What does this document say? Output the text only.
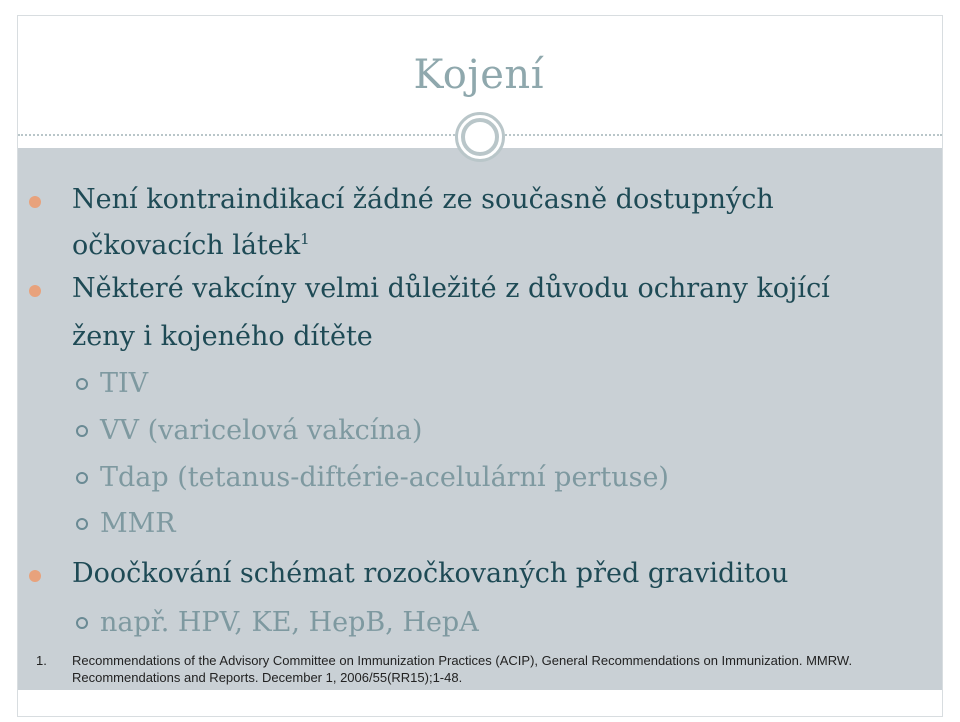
Kojení
Není kontraindikací žádné ze současně dostupných
očkovacích látek$^1$
Některé vakcíny velmi důležité z důvodu ochrany kojící
ženy i kojeného dítěte
TIV
VV (varicelová vakcína)
Tdap (tetanus-diftérie-acelulární pertuse)
MMR
Doočkování schémat rozočkovaných před graviditou
např. HPV, KE, HepB, HepA
1. Recommendations of the Advisory Committee on Immunization Practices (ACIP), General Recommendations on Immunization. MMRW. Recommendations and Reports. December 1, 2006/55(RR15);1-48.
